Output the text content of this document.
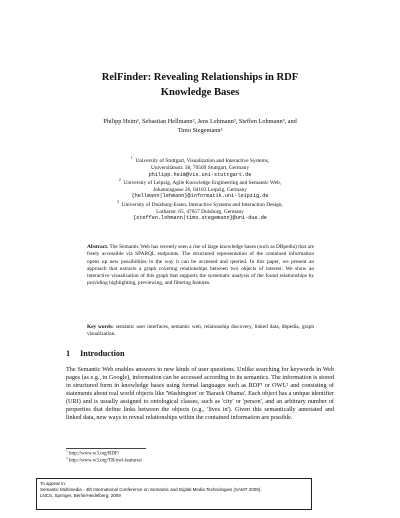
RelFinder: Revealing Relationships in RDF
Knowledge Bases
Philipp Heim¹, Sebastian Hellmann², Jens Lehmann², Steffen Lohmann³, and
Timo Stegemann³
$^1$ University of Stuttgart, Visualization and Interactive Systems,
Universitätsstr. 38, 70569 Stuttgart, Germany
philipp.heim@vis.uni-stuttgart.de
$^2$ University of Leipzig, Agile Knowledge Engineering and Semantic Web,
Johannisgasse 26, 04103 Leipzig, Germany
{hellmann|lehmann}@informatik.uni-leipzig.de
$^3$ University of Duisburg-Essen, Interactive Systems and Interaction Design,
Lotharstr. 65, 47057 Duisburg, Germany
{steffen.lohmann|timo.stegemann}@uni-due.de
Abstract. The Semantic Web has recently seen a rise of large knowledge bases (such as DBpedia) that are freely accessible via SPARQL endpoints. The structured representation of the contained information opens up new possibilities in the way it can be accessed and queried. In this paper, we present an approach that extracts a graph covering relationships between two objects of interest. We show an interactive visualization of this graph that supports the systematic analysis of the found relationships by providing highlighting, previewing, and filtering features.
Key words: semantic user interfaces, semantic web, relationship discovery, linked data, dbpedia, graph visualization.
1 Introduction
The Semantic Web enables answers to new kinds of user questions. Unlike searching for keywords in Web pages (as e.g., in Google), information can be accessed according to its semantics. The information is stored in structured form in knowledge bases using formal languages such as RDF¹ or OWL² and consisting of statements about real world objects like 'Washington' or 'Barack Obama'. Each object has a unique identifier (URI) and is usually assigned to ontological classes, such as 'city' or 'person', and an arbitrary number of properties that define links between the objects (e.g., 'lives in'). Given this semantically annotated and linked data, new ways to reveal relationships within the contained information are possible.
$^1$ http://www.w3.org/RDF/
$^2$ http://www.w3.org/TR/owl-features/
To appear in:
Semantic Multimedia - 4th International Conference on Semantic and Digital Media Technologies (SAMT 2009),
LNCS, Springer, Berlin/Heidelberg, 2009
